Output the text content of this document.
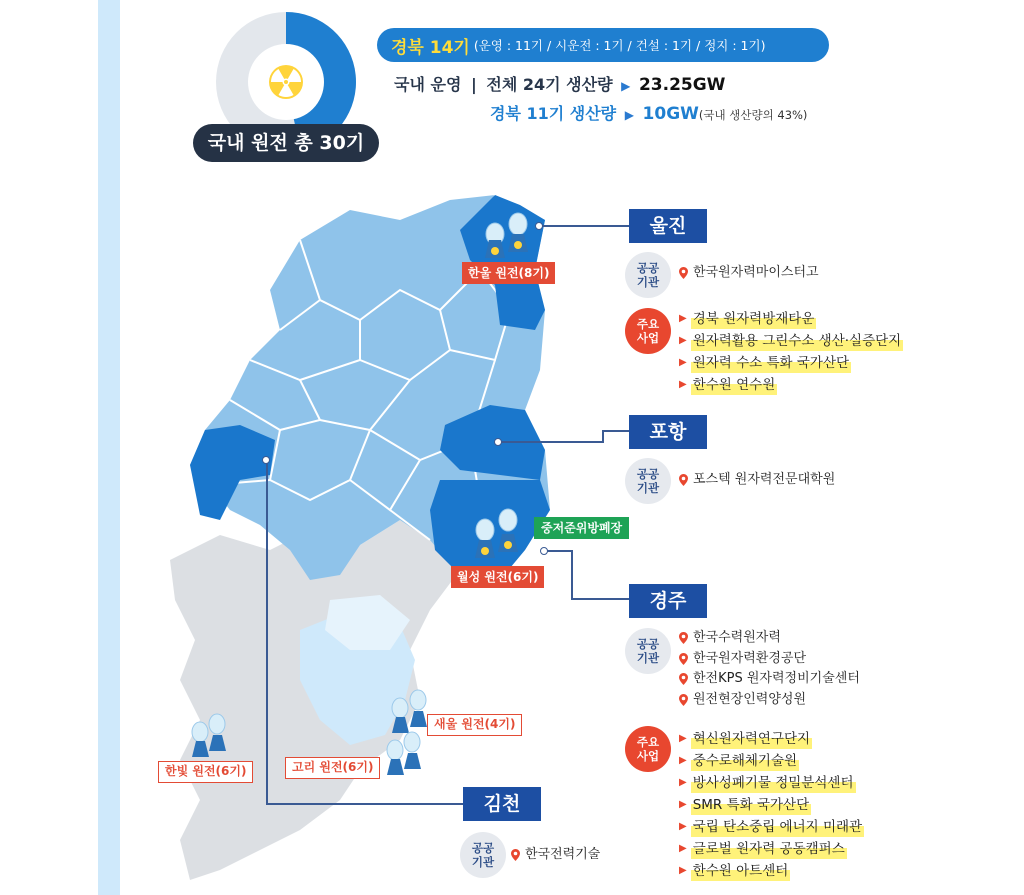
국내 원전 총 30기
경북 14기 (운영 : 11기 / 시운전 : 1기 / 건설 : 1기 / 정지 : 1기)
국내 운영 | 전체 24기 생산량 ▶ 23.25GW
경북 11기 생산량 ▶ 10GW(국내 생산량의 43%)
한울 원전(8기)
월성 원전(6기)
중저준위방폐장
새울 원전(4기)
고리 원전(6기)
한빛 원전(6기)
울진
공공
기관
한국원자력마이스터고
주요
사업
▶ 경북 원자력방재타운
▶ 원자력활용 그린수소 생산·실증단지
▶ 원자력 수소 특화 국가산단
▶ 한수원 연수원
포항
공공
기관
포스텍 원자력전문대학원
경주
공공
기관
한국수력원자력
한국원자력환경공단
한전KPS 원자력정비기술센터
원전현장인력양성원
주요
사업
▶ 혁신원자력연구단지
▶ 중수로해체기술원
▶ 방사성폐기물 정밀분석센터
▶ SMR 특화 국가산단
▶ 국립 탄소중립 에너지 미래관
▶ 글로벌 원자력 공동캠퍼스
▶ 한수원 아트센터
김천
공공
기관 한국전력기술
